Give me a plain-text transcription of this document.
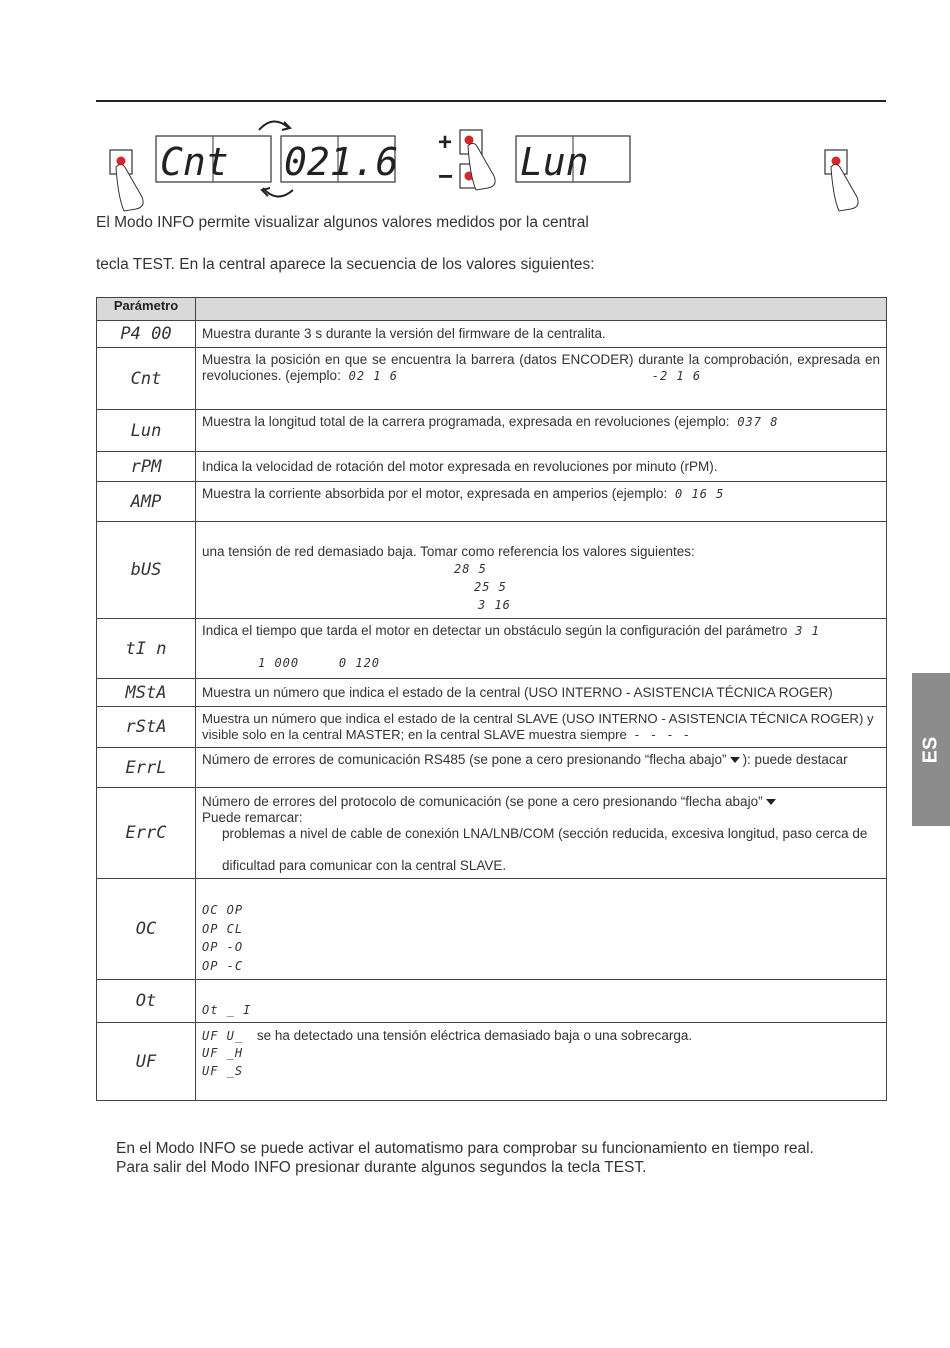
Cnt 021.6 +
− Lun
El Modo INFO permite visualizar algunos valores medidos por la central
tecla TEST. En la central aparece la secuencia de los valores siguientes:
Parámetro	
P4 00	Muestra durante 3 s durante la versión del firmware de la centralita.
Cnt	Muestra la posición en que se encuentra la barrera (datos ENCODER) durante la comprobación, expresada en revoluciones. (ejemplo: 02 1 6 -2 1 6
Lun	Muestra la longitud total de la carrera programada, expresada en revoluciones (ejemplo: 037 8
rPM	Indica la velocidad de rotación del motor expresada en revoluciones por minuto (rPM).
AMP	Muestra la corriente absorbida por el motor, expresada en amperios (ejemplo: 0 16 5
bUS	una tensión de red demasiado baja. Tomar como referencia los valores siguientes:

28 5
25 5
3 16

tI n	Indica el tiempo que tarda el motor en detectar un obstáculo según la configuración del parámetro 3 1

1 000 0 120
MStA	Muestra un número que indica el estado de la central (USO INTERNO - ASISTENCIA TÉCNICA ROGER)
rStA	Muestra un número que indica el estado de la central SLAVE (USO INTERNO - ASISTENCIA TÉCNICA ROGER) y visible solo en la central MASTER; en la central SLAVE muestra siempre - - - -
ErrL	Número de errores de comunicación RS485 (se pone a cero presionando “flecha abajo” ): puede destacar
ErrC	Número de errores del protocolo de comunicación (se pone a cero presionando “flecha abajo”
Puede remarcar:

problemas a nivel de cable de conexión LNA/LNB/COM (sección reducida, excesiva longitud, paso cerca de
dificultad para comunicar con la central SLAVE.

OC	OC OP
OP CL
OP -O
OP -C

Ot	Ot _ I
UF	UF U_ se ha detectado una tensión eléctrica demasiado baja o una sobrecarga.

UF _H
UF _S
ES
En el Modo INFO se puede activar el automatismo para comprobar su funcionamiento en tiempo real.
Para salir del Modo INFO presionar durante algunos segundos la tecla TEST.
